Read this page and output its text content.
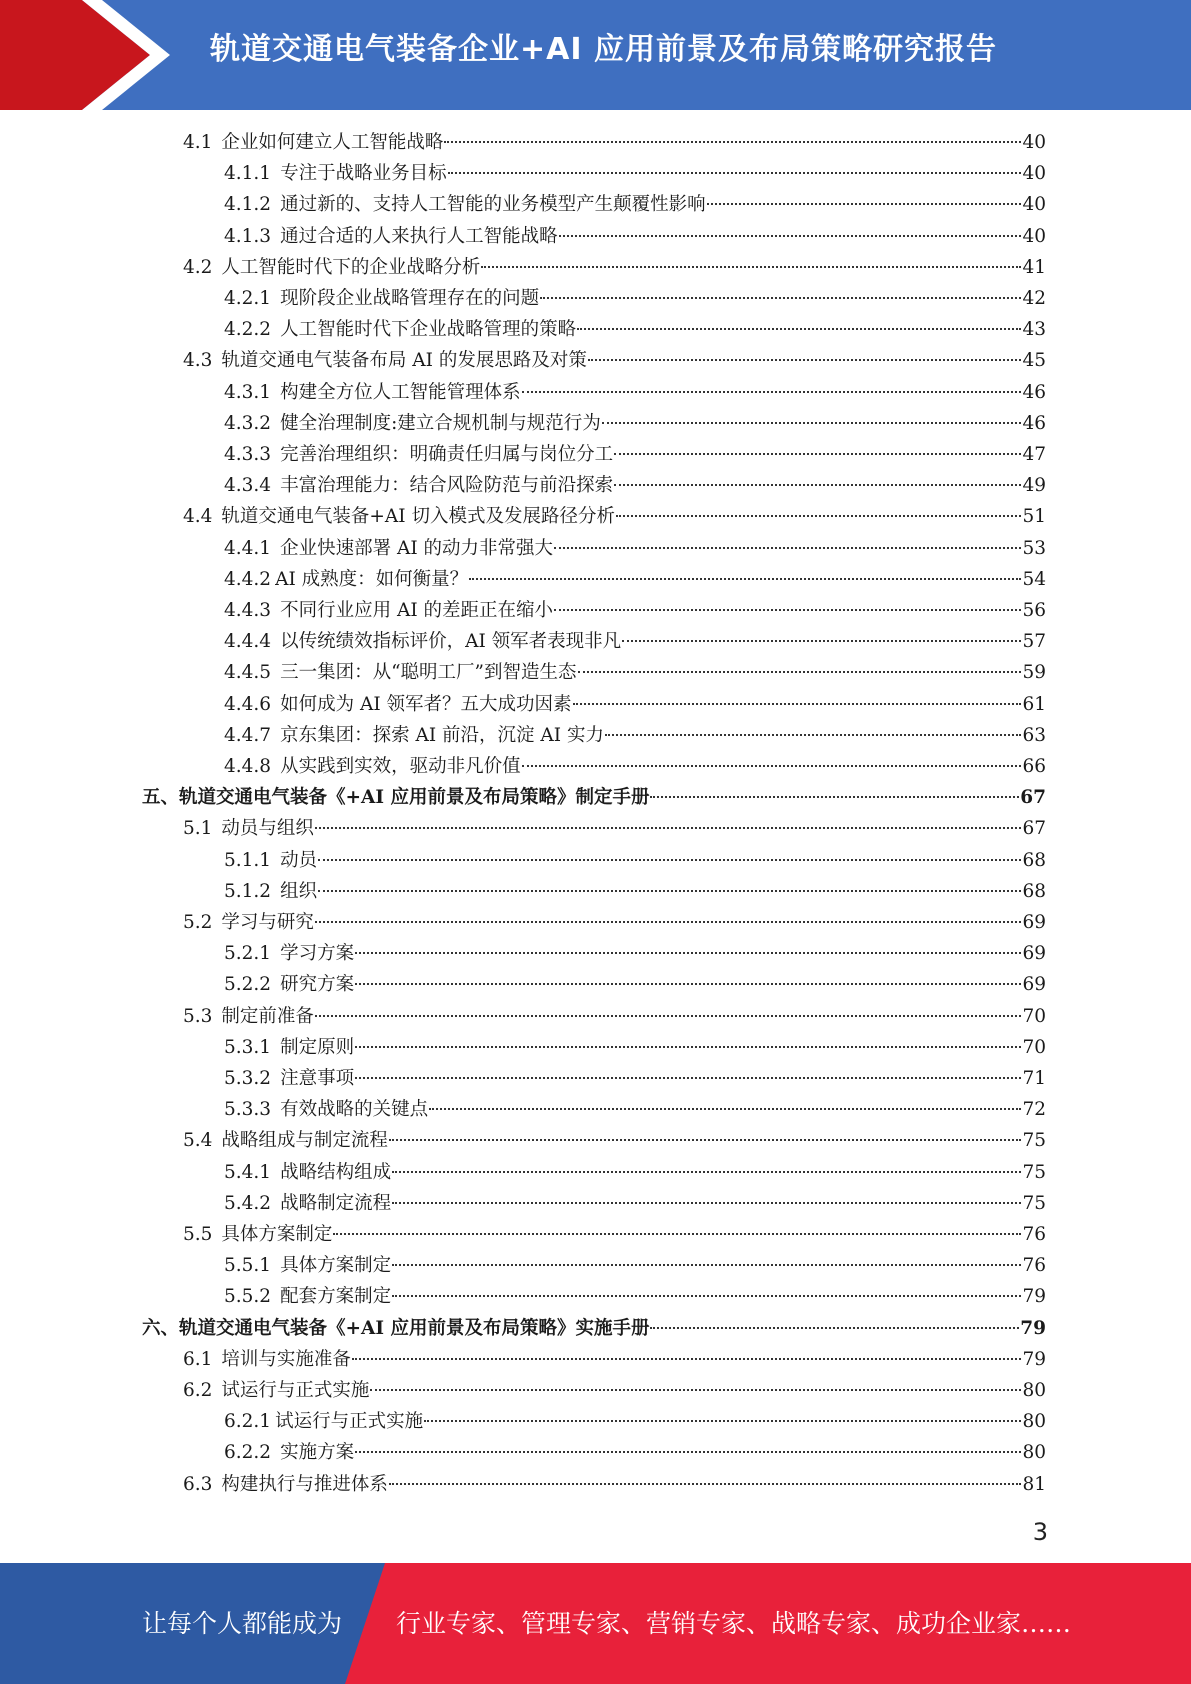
轨道交通电气装备企业+AI 应用前景及布局策略研究报告
4.1 企业如何建立人工智能战略	40
4.1.1 专注于战略业务目标	40
4.1.2 通过新的、支持人工智能的业务模型产生颠覆性影响	40
4.1.3 通过合适的人来执行人工智能战略	40
4.2 人工智能时代下的企业战略分析	41
4.2.1 现阶段企业战略管理存在的问题	42
4.2.2 人工智能时代下企业战略管理的策略	43
4.3 轨道交通电气装备布局 AI 的发展思路及对策	45
4.3.1 构建全方位人工智能管理体系	46
4.3.2 健全治理制度:建立合规机制与规范行为	46
4.3.3 完善治理组织：明确责任归属与岗位分工	47
4.3.4 丰富治理能力：结合风险防范与前沿探索	49
4.4 轨道交通电气装备+AI 切入模式及发展路径分析	51
4.4.1 企业快速部署 AI 的动力非常强大	53
4.4.2 AI 成熟度：如何衡量？	54
4.4.3 不同行业应用 AI 的差距正在缩小	56
4.4.4 以传统绩效指标评价，AI 领军者表现非凡	57
4.4.5 三一集团：从“聪明工厂”到智造生态	59
4.4.6 如何成为 AI 领军者？五大成功因素	61
4.4.7 京东集团：探索 AI 前沿，沉淀 AI 实力	63
4.4.8 从实践到实效，驱动非凡价值	66
五、轨道交通电气装备《+AI 应用前景及布局策略》制定手册	67
5.1 动员与组织	67
5.1.1 动员	68
5.1.2 组织	68
5.2 学习与研究	69
5.2.1 学习方案	69
5.2.2 研究方案	69
5.3 制定前准备	70
5.3.1 制定原则	70
5.3.2 注意事项	71
5.3.3 有效战略的关键点	72
5.4 战略组成与制定流程	75
5.4.1 战略结构组成	75
5.4.2 战略制定流程	75
5.5 具体方案制定	76
5.5.1 具体方案制定	76
5.5.2 配套方案制定	79
六、轨道交通电气装备《+AI 应用前景及布局策略》实施手册	79
6.1 培训与实施准备	79
6.2 试运行与正式实施	80
6.2.1 试运行与正式实施	80
6.2.2 实施方案	80
6.3 构建执行与推进体系	81
3
让每个人都能成为 行业专家、管理专家、营销专家、战略专家、成功企业家……
